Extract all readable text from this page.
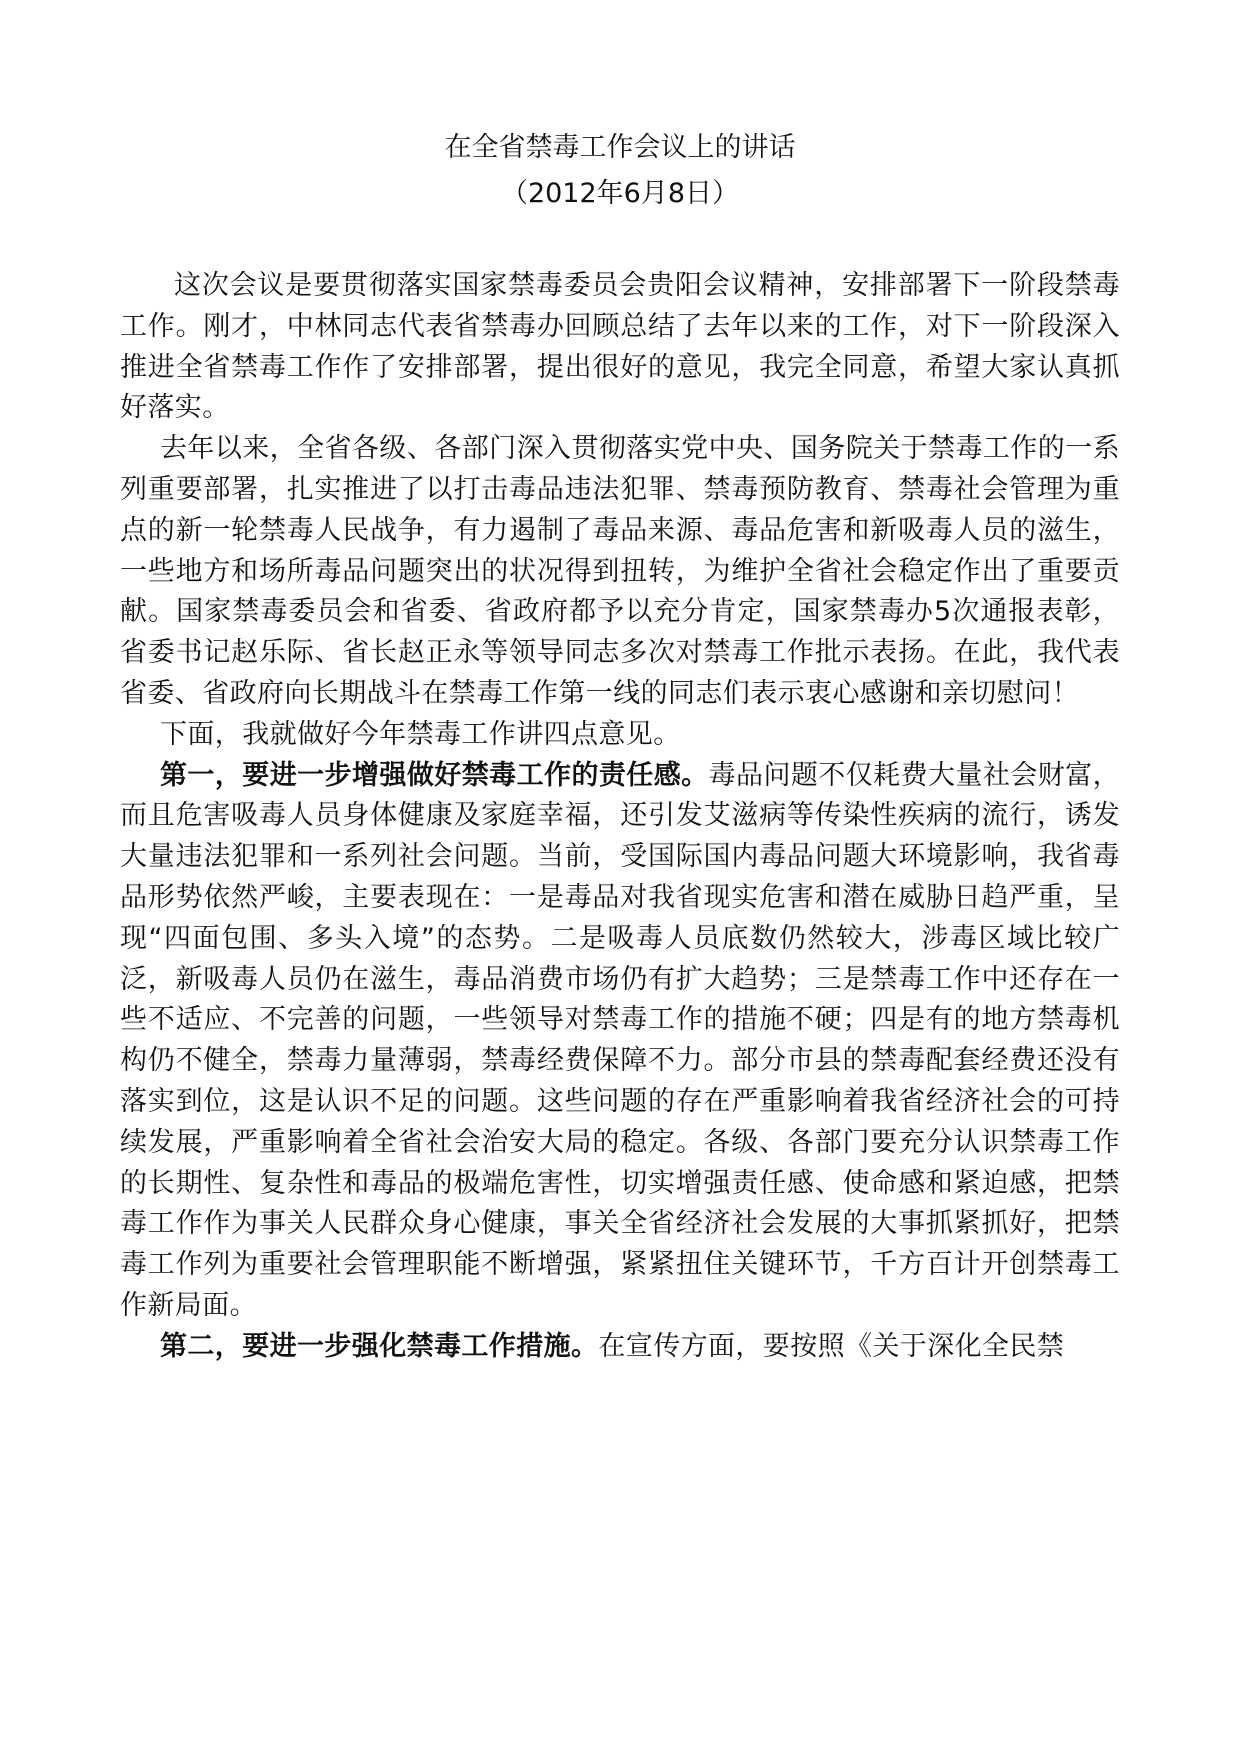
在全省禁毒工作会议上的讲话
（2012年6月8日）

这次会议是要贯彻落实国家禁毒委员会贵阳会议精神，安排部署下一阶段禁毒工作。刚才，中林同志代表省禁毒办回顾总结了去年以来的工作，对下一阶段深入推进全省禁毒工作作了安排部署，提出很好的意见，我完全同意，希望大家认真抓好落实。

去年以来，全省各级、各部门深入贯彻落实党中央、国务院关于禁毒工作的一系列重要部署，扎实推进了以打击毒品违法犯罪、禁毒预防教育、禁毒社会管理为重点的新一轮禁毒人民战争，有力遏制了毒品来源、毒品危害和新吸毒人员的滋生，一些地方和场所毒品问题突出的状况得到扭转，为维护全省社会稳定作出了重要贡献。国家禁毒委员会和省委、省政府都予以充分肯定，国家禁毒办5次通报表彰，省委书记赵乐际、省长赵正永等领导同志多次对禁毒工作批示表扬。在此，我代表省委、省政府向长期战斗在禁毒工作第一线的同志们表示衷心感谢和亲切慰问！

下面，我就做好今年禁毒工作讲四点意见。

第一，要进一步增强做好禁毒工作的责任感。毒品问题不仅耗费大量社会财富，而且危害吸毒人员身体健康及家庭幸福，还引发艾滋病等传染性疾病的流行，诱发大量违法犯罪和一系列社会问题。当前，受国际国内毒品问题大环境影响，我省毒品形势依然严峻，主要表现在：一是毒品对我省现实危害和潜在威胁日趋严重，呈现“四面包围、多头入境”的态势。二是吸毒人员底数仍然较大，涉毒区域比较广泛，新吸毒人员仍在滋生，毒品消费市场仍有扩大趋势；三是禁毒工作中还存在一些不适应、不完善的问题，一些领导对禁毒工作的措施不硬；四是有的地方禁毒机构仍不健全，禁毒力量薄弱，禁毒经费保障不力。部分市县的禁毒配套经费还没有落实到位，这是认识不足的问题。这些问题的存在严重影响着我省经济社会的可持续发展，严重影响着全省社会治安大局的稳定。各级、各部门要充分认识禁毒工作的长期性、复杂性和毒品的极端危害性，切实增强责任感、使命感和紧迫感，把禁毒工作作为事关人民群众身心健康，事关全省经济社会发展的大事抓紧抓好，把禁毒工作列为重要社会管理职能不断增强，紧紧扭住关键环节，千方百计开创禁毒工作新局面。

第二，要进一步强化禁毒工作措施。在宣传方面，要按照《关于深化全民禁
